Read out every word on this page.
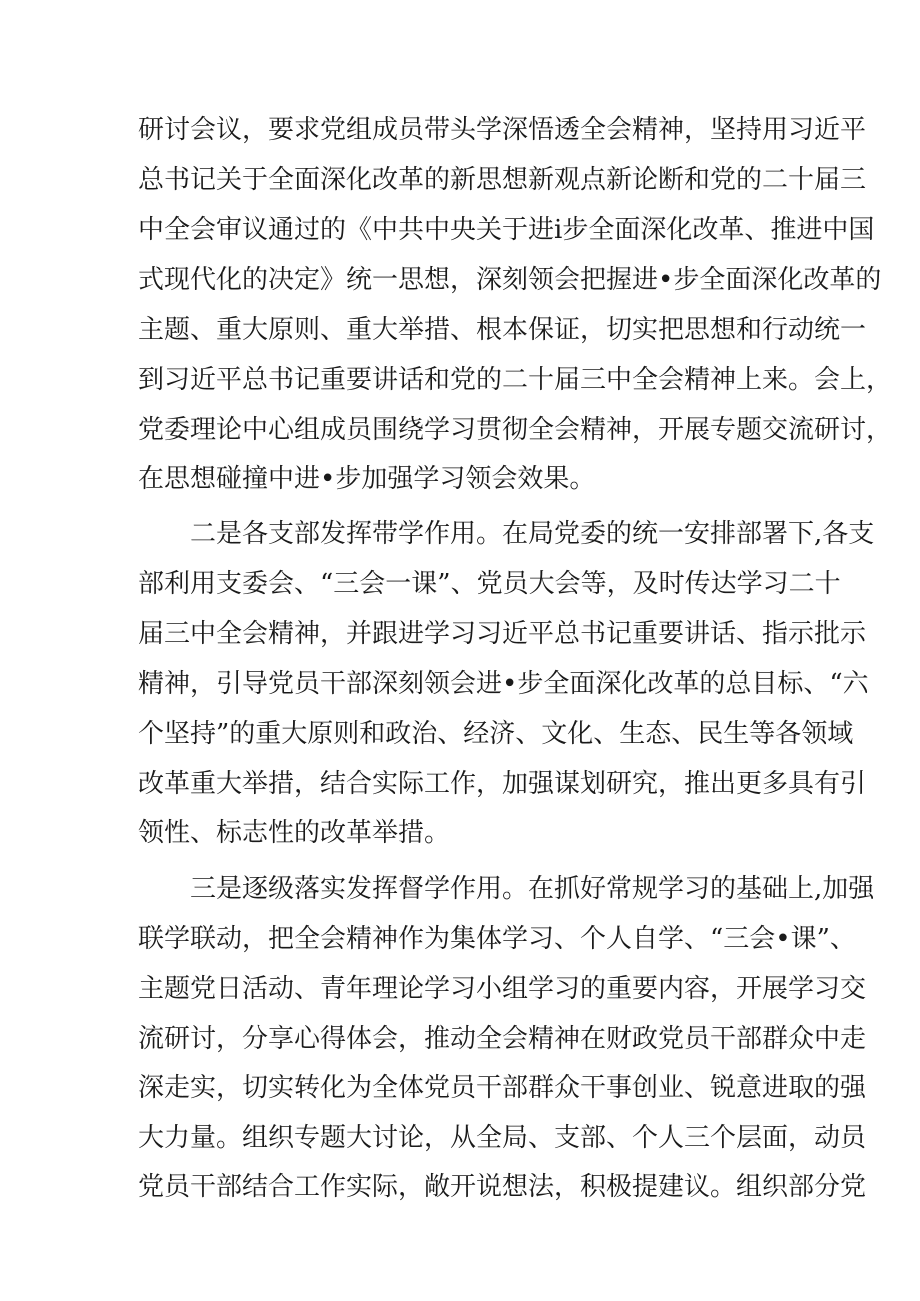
研讨会议，要求党组成员带头学深悟透全会精神，坚持用习近平
总书记关于全面深化改革的新思想新观点新论断和党的二十届三
中全会审议通过的《中共中央关于进i步全面深化改革、推进中国
式现代化的决定》统一思想，深刻领会把握进•步全面深化改革的
主题、重大原则、重大举措、根本保证，切实把思想和行动统一
到习近平总书记重要讲话和党的二十届三中全会精神上来。会上，
党委理论中心组成员围绕学习贯彻全会精神，开展专题交流研讨，
在思想碰撞中进•步加强学习领会效果。
二是各支部发挥带学作用。在局党委的统一安排部署下,各支
部利用支委会、“三会一课”、党员大会等，及时传达学习二十
届三中全会精神，并跟进学习习近平总书记重要讲话、指示批示
精神，引导党员干部深刻领会进•步全面深化改革的总目标、“六
个坚持”的重大原则和政治、经济、文化、生态、民生等各领域
改革重大举措，结合实际工作，加强谋划研究，推出更多具有引
领性、标志性的改革举措。
三是逐级落实发挥督学作用。在抓好常规学习的基础上,加强
联学联动，把全会精神作为集体学习、个人自学、“三会•课”、
主题党日活动、青年理论学习小组学习的重要内容，开展学习交
流研讨，分享心得体会，推动全会精神在财政党员干部群众中走
深走实，切实转化为全体党员干部群众干事创业、锐意进取的强
大力量。组织专题大讨论，从全局、支部、个人三个层面，动员
党员干部结合工作实际，敞开说想法，积极提建议。组织部分党
